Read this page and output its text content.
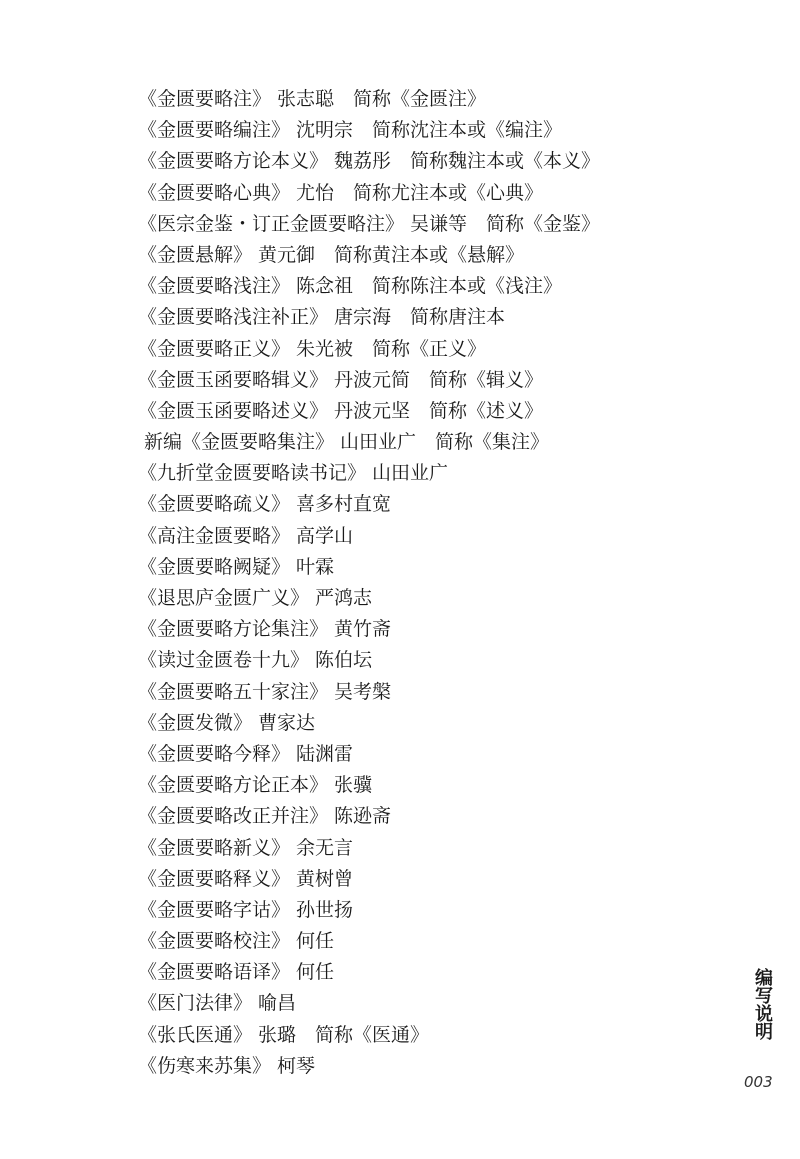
《金匮要略注》 张志聪　简称《金匮注》
《金匮要略编注》 沈明宗　简称沈注本或《编注》
《金匮要略方论本义》 魏荔彤　简称魏注本或《本义》
《金匮要略心典》 尤怡　简称尤注本或《心典》
《医宗金鉴・订正金匮要略注》 吴谦等　简称《金鉴》
《金匮悬解》 黄元御　简称黄注本或《悬解》
《金匮要略浅注》 陈念祖　简称陈注本或《浅注》
《金匮要略浅注补正》 唐宗海　简称唐注本
《金匮要略正义》 朱光被　简称《正义》
《金匮玉函要略辑义》 丹波元简　简称《辑义》
《金匮玉函要略述义》 丹波元坚　简称《述义》
新编《金匮要略集注》 山田业广　简称《集注》
《九折堂金匮要略读书记》 山田业广
《金匮要略疏义》 喜多村直宽
《高注金匮要略》 高学山
《金匮要略阙疑》 叶霖
《退思庐金匮广义》 严鸿志
《金匮要略方论集注》 黄竹斋
《读过金匮卷十九》 陈伯坛
《金匮要略五十家注》 吴考槃
《金匮发微》 曹家达
《金匮要略今释》 陆渊雷
《金匮要略方论正本》 张骥
《金匮要略改正并注》 陈逊斋
《金匮要略新义》 余无言
《金匮要略释义》 黄树曾
《金匮要略字诂》 孙世扬
《金匮要略校注》 何任
《金匮要略语译》 何任
《医门法律》 喻昌
《张氏医通》 张璐　简称《医通》
《伤寒来苏集》 柯琴
编写说明
003
